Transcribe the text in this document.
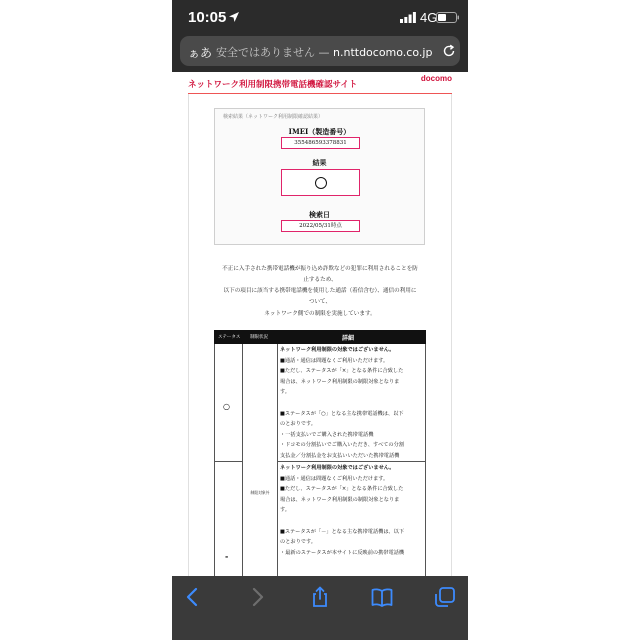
10:05	4G
ぁあ 安全ではありません — n.nttdocomo.co.jp
ネットワーク利用制限携帯電話機確認サイト
docomo
検索結果（ネットワーク利用制限確認結果）
IMEI（製造番号）
355486593378831
結果
検索日
2022/05/31時点
不正に入手された携帯電話機が振り込め詐欺などの犯罪に利用されることを防
止するため、
以下の項目に該当する携帯電話機を使用した通話（着信含む）、通信の利用に
ついて、
ネットワーク側での制限を実施しています。
ステータス 制限状況	詳細
○

ネットワーク利用制限の対象ではございません。

■通話・通信は問題なくご利用いただけます。

■ただし、ステータスが「×」となる条件に合致した

場合は、ネットワーク利用制限の制限対象となりま

す。

■ステータスが「○」となる主な携帯電話機は、以下

のとおりです。

・一括支払いでご購入された携帯電話機

・ドコモの分割払いでご購入いただき、すべての分割

支払金／分割払金をお支払いいただいた携帯電話機

制限対象外
-

ネットワーク利用制限の対象ではございません。

■通話・通信は問題なくご利用いただけます。

■ただし、ステータスが「×」となる条件に合致した

場合は、ネットワーク利用制限の制限対象となりま

す。

■ステータスが「－」となる主な携帯電話機は、以下

のとおりです。

・最新のステータスが本サイトに反映前の携帯電話機
